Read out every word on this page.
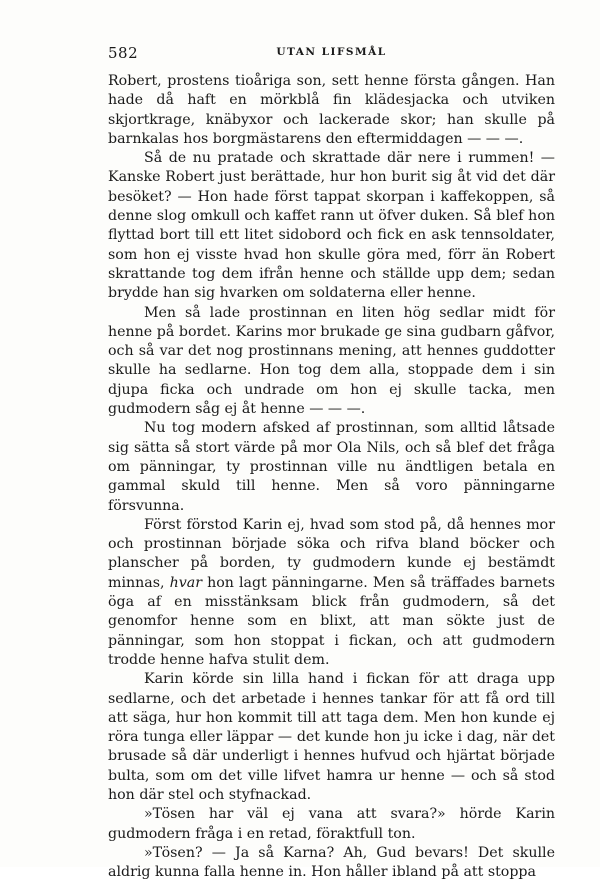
582	UTAN LIFSMÅL

Robert, prostens tioåriga son, sett henne första gången. Han hade då haft en mörkblå fin klädesjacka och utviken skjortkrage, knäbyxor och lackerade skor; han skulle på barnkalas hos borgmästarens den eftermiddagen — — —.

Så de nu pratade och skrattade där nere i rummen! — Kanske Robert just berättade, hur hon burit sig åt vid det där besöket? — Hon hade först tappat skorpan i kaffekoppen, så denne slog omkull och kaffet rann ut öfver duken. Så blef hon flyttad bort till ett litet sidobord och fick en ask tennsoldater, som hon ej visste hvad hon skulle göra med, förr än Robert skrattande tog dem ifrån henne och ställde upp dem; sedan brydde han sig hvarken om soldaterna eller henne.

Men så lade prostinnan en liten hög sedlar midt för henne på bordet. Karins mor brukade ge sina gudbarn gåfvor, och så var det nog prostinnans mening, att hennes guddotter skulle ha sedlarne. Hon tog dem alla, stoppade dem i sin djupa ficka och undrade om hon ej skulle tacka, men gudmodern såg ej åt henne — — —.

Nu tog modern afsked af prostinnan, som alltid låtsade sig sätta så stort värde på mor Ola Nils, och så blef det fråga om pänningar, ty prostinnan ville nu ändtligen betala en gammal skuld till henne. Men så voro pänningarne försvunna.

Först förstod Karin ej, hvad som stod på, då hennes mor och prostinnan började söka och rifva bland böcker och planscher på borden, ty gudmodern kunde ej bestämdt minnas, hvar hon lagt pänningarne. Men så träffades barnets öga af en misstänksam blick från gudmodern, så det genomfor henne som en blixt, att man sökte just de pänningar, som hon stoppat i fickan, och att gudmodern trodde henne hafva stulit dem.

Karin körde sin lilla hand i fickan för att draga upp sedlarne, och det arbetade i hennes tankar för att få ord till att säga, hur hon kommit till att taga dem. Men hon kunde ej röra tunga eller läppar — det kunde hon ju icke i dag, när det brusade så där underligt i hennes hufvud och hjärtat började bulta, som om det ville lifvet hamra ur henne — och så stod hon där stel och styfnackad.

»Tösen har väl ej vana att svara?» hörde Karin gudmodern fråga i en retad, föraktfull ton.

»Tösen? — Ja så Karna? Ah, Gud bevars! Det skulle aldrig kunna falla henne in. Hon håller ibland på att stoppa
